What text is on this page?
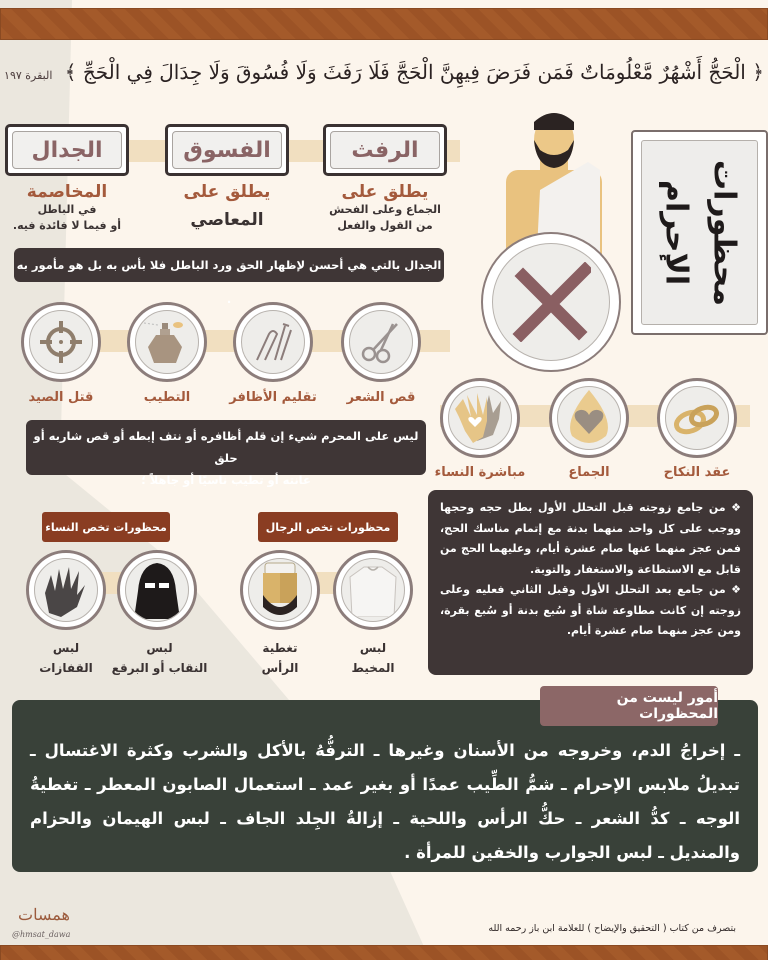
﴿ الْحَجُّ أَشْهُرٌ مَّعْلُومَاتٌ فَمَن فَرَضَ فِيهِنَّ الْحَجَّ فَلَا رَفَثَ وَلَا فُسُوقَ وَلَا جِدَالَ فِي الْحَجِّ ﴾ البقرة ١٩٧
الرفث
الفسوق
الجدال
يطلق على
الجماع وعلى الفحش
من القول والفعل
يطلق على
المعاصي
المخاصمة
في الباطل
أو فيما لا فائدة فيه.
الجدال بالتي هي أحسن لإظهار الحق ورد الباطل فلا بأس به بل هو مأمور به .	محظورات
الإحرام
قص الشعر
تقليم الأظافر
التطيب
قتل الصيد
ليس على المحرم شيء إن قلم أظافره أو نتف إبطه أو قص شاربه أو حلق
عانته أو تطيب ناسيًا أو جاهلاً ؛	عقد النكاح
الجماع
مباشرة النساء
محظورات تخص الرجال
محظورات تخص النساء
لبس
المخيط
تغطية
الرأس
لبس
النقاب أو البرقع
لبس
القفازات

❖ من جامع زوجته قبل التحلل الأول بطل حجه وحجها ووجب على كل واحد منهما بدنة مع إتمام مناسك الحج، فمن عجز منهما عنها صام عشرة أيام، وعليهما الحج من قابل مع الاستطاعة والاستغفار والتوبة.

❖ من جامع بعد التحلل الأول وقبل الثاني فعليه وعلى زوجته إن كانت مطاوعة شاة أو سُبع بدنة أو سُبع بقرة، ومن عجز منهما صام عشرة أيام.

ـ إخراجُ الدم، وخروجه من الأسنان وغيرها ـ الترفُّهُ بالأكل والشرب وكثرة الاغتسال ـ تبديلُ ملابس الإحرام ـ شمُّ الطِّيب عمدًا أو بغير عمد ـ استعمال الصابون المعطر ـ تغطيةُ الوجه ـ كدُّ الشعر ـ حكُّ الرأس واللحية ـ إزالةُ الجِلد الجاف ـ لبس الهيمان والحزام والمنديل ـ لبس الجوارب والخفين للمرأة .

أمور ليست من المحظورات
همسات
@hmsat_dawa
بتصرف من كتاب ( التحقيق والإيضاح ) للعلامة ابن باز رحمه الله
